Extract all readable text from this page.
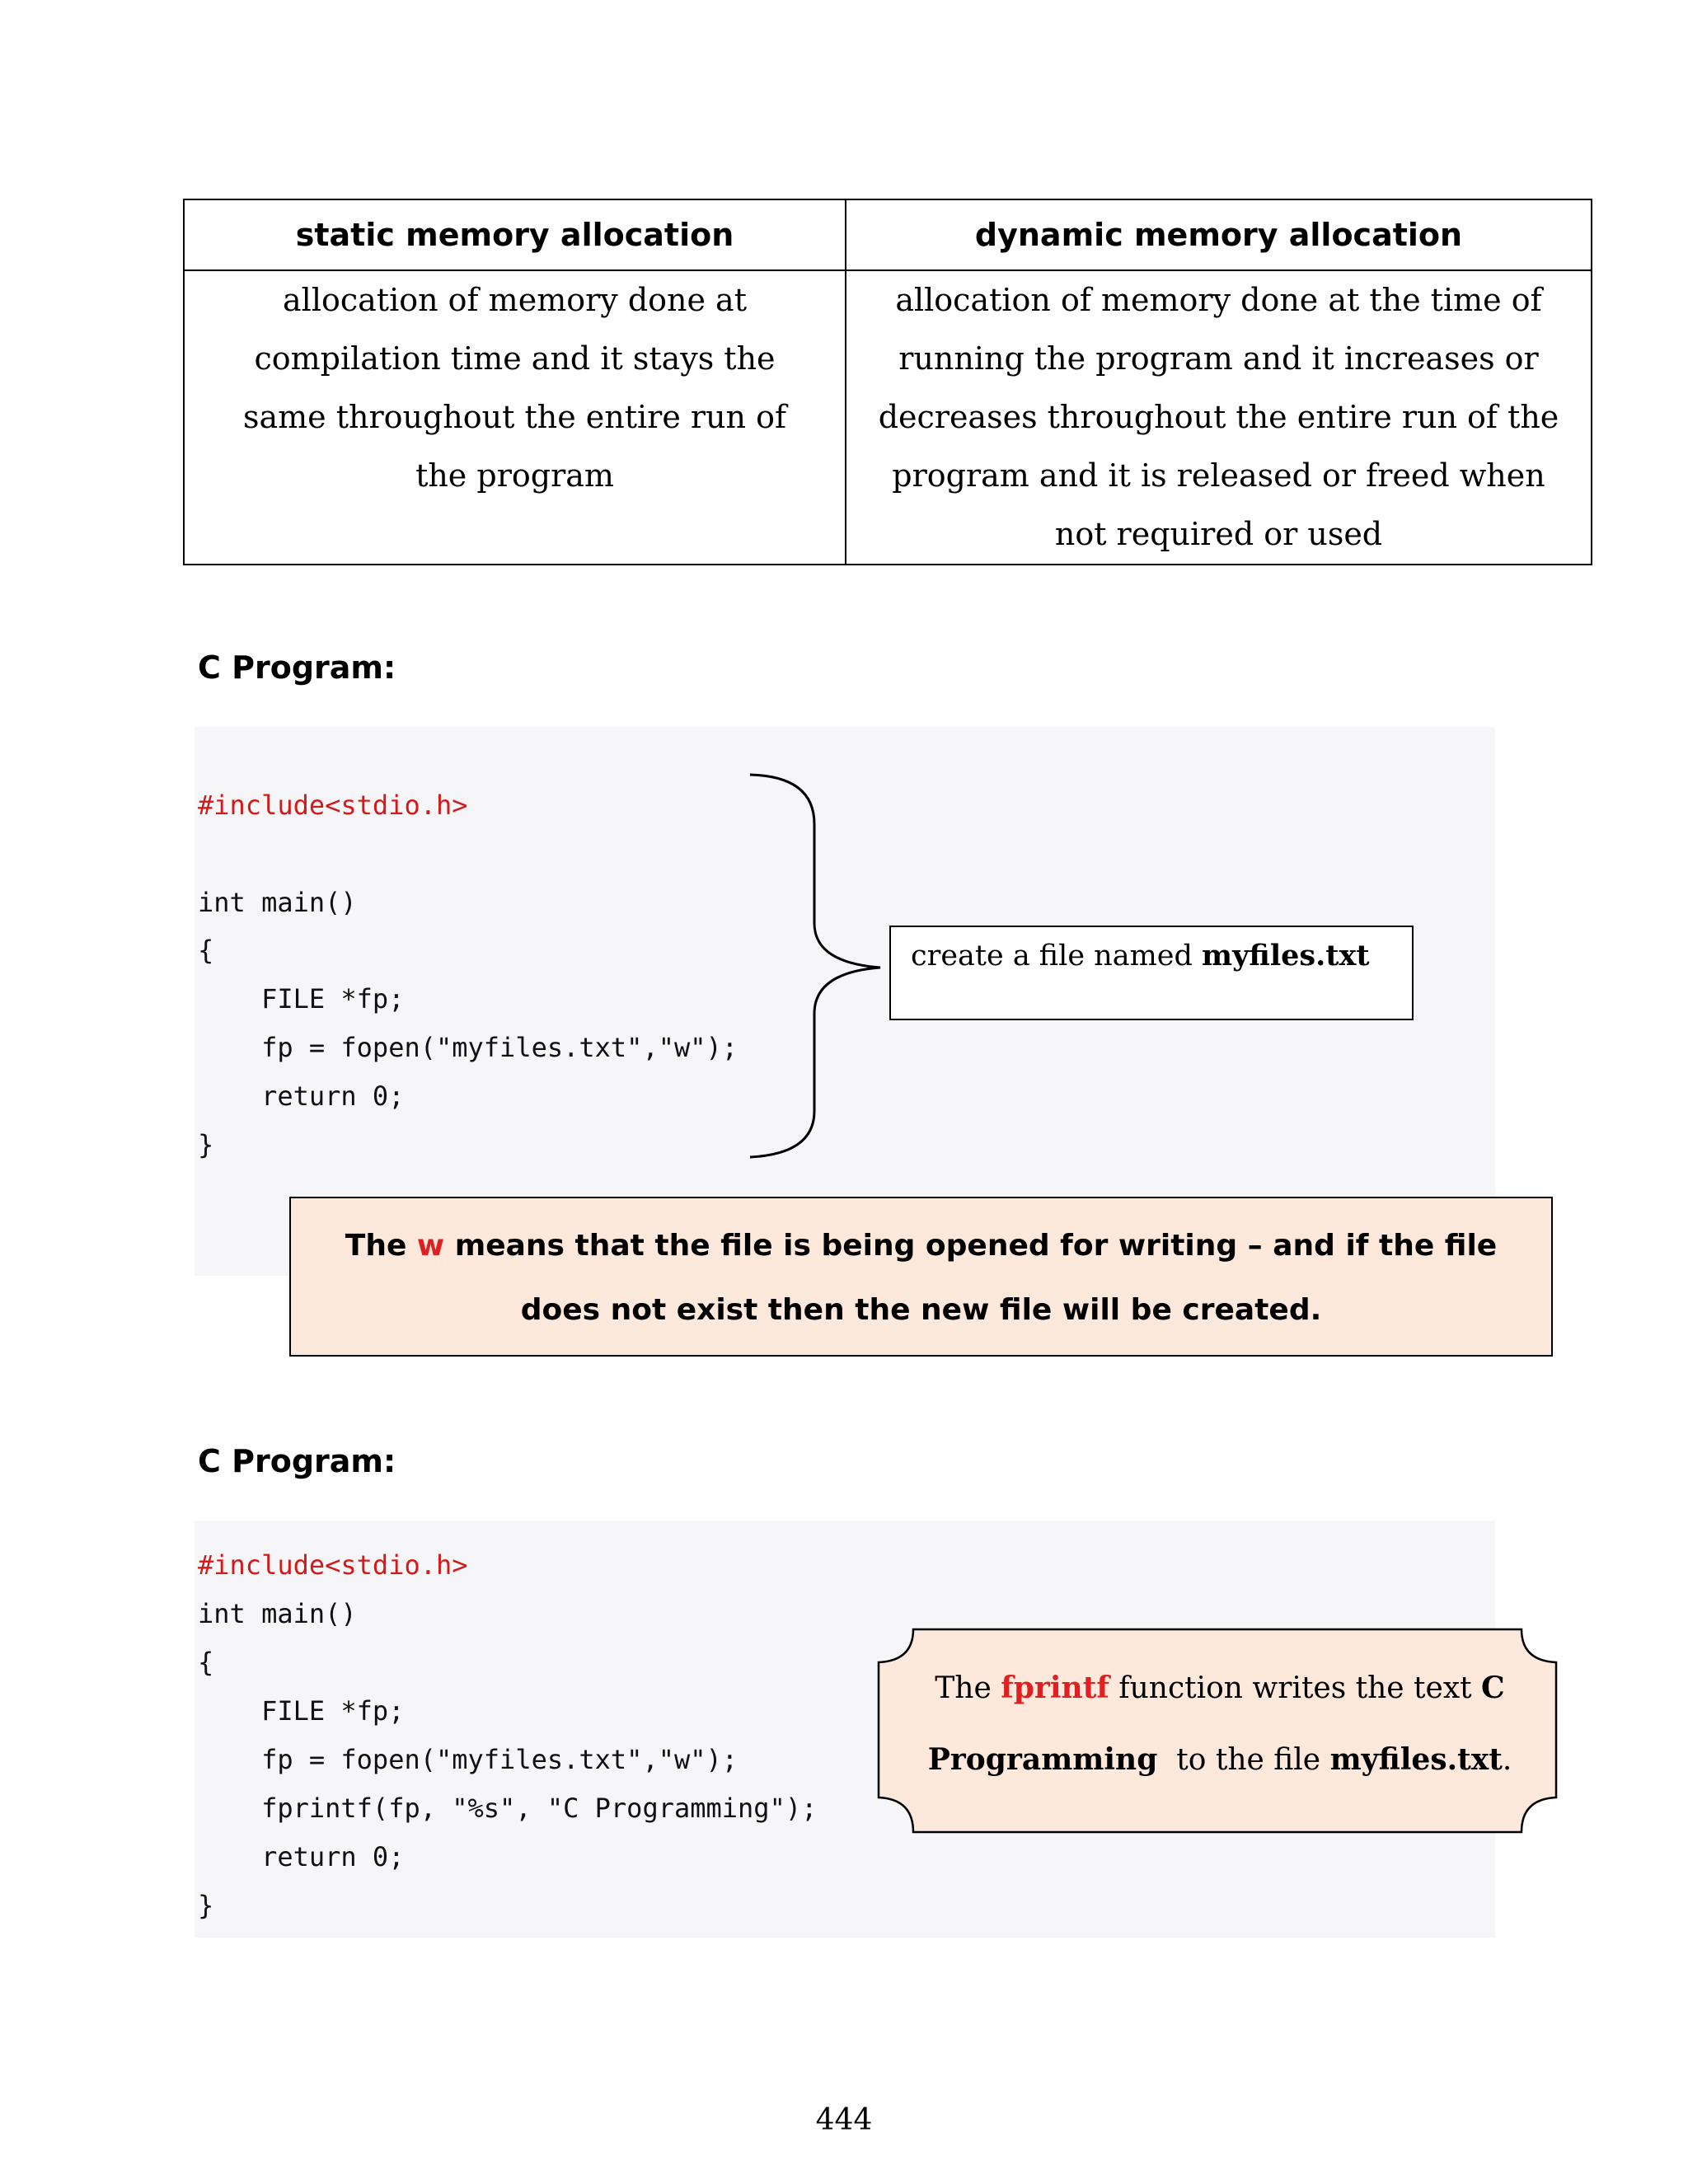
static memory allocation	dynamic memory allocation
allocation of memory done at compilation time and it stays the same throughout the entire run of the program	allocation of memory done at the time of running the program and it increases or decreases throughout the entire run of the program and it is released or freed when not required or used
C Program:
#include<stdio.h>
int main()
{
FILE *fp;
fp = fopen("myfiles.txt","w");
return 0;
}
create a file named myfiles.txt
The w means that the file is being opened for writing – and if the file
does not exist then the new file will be created.
C Program:
#include<stdio.h>
int main()
{
FILE *fp;
fp = fopen("myfiles.txt","w");
fprintf(fp, "%s", "C Programming");
return 0;
}
The fprintf function writes the text C
Programming  to the file myfiles.txt.
444
